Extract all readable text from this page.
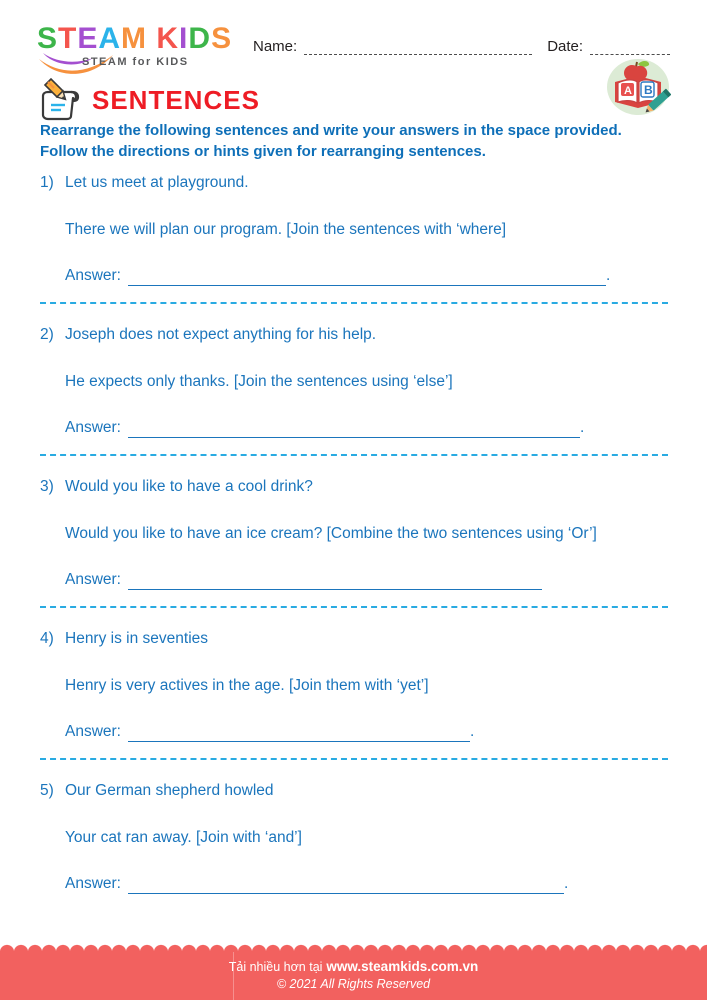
STEAM KIDS
STEAM for KIDS
Name:	Date:
A B
SENTENCES
Rearrange the following sentences and write your answers in the space provided.
Follow the directions or hints given for rearranging sentences.
1) Let us meet at playground.
There we will plan our program. [Join the sentences with ‘where]
Answer:	.
2) Joseph does not expect anything for his help.
He expects only thanks. [Join the sentences using ‘else’]
Answer:	.
3) Would you like to have a cool drink?
Would you like to have an ice cream? [Combine the two sentences using ‘Or’]
Answer:
4) Henry is in seventies
Henry is very actives in the age. [Join them with ‘yet’]
Answer:	.
5) Our German shepherd howled
Your cat ran away. [Join with ‘and’]
Answer:	.
Tải nhiều hơn tại www.steamkids.com.vn
© 2021 All Rights Reserved
